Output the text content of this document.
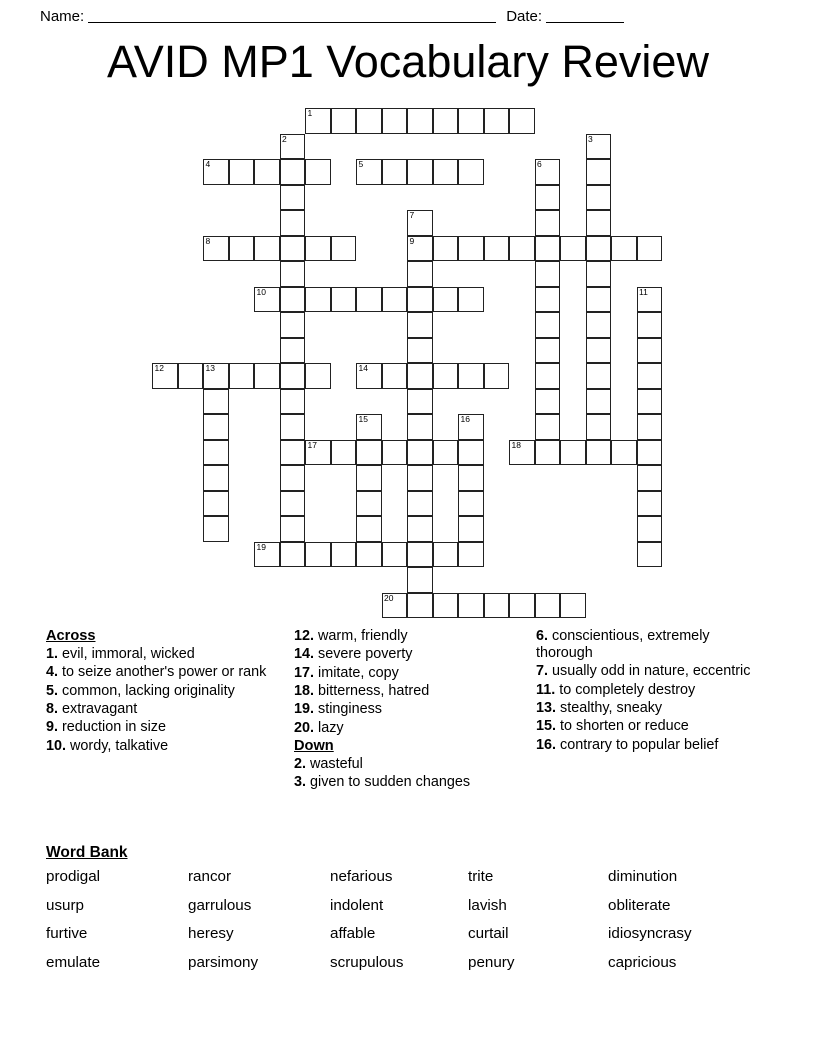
Name:	Date:
AVID MP1 Vocabulary Review
1
2	3
4	5	6
7
8	9
10	11
12	13	14
15	16
17	18
19
20
Across
1. evil, immoral, wicked
4. to seize another's power or rank
5. common, lacking originality
8. extravagant
9. reduction in size
10. wordy, talkative
12. warm, friendly
14. severe poverty
17. imitate, copy
18. bitterness, hatred
19. stinginess
20. lazy
Down
2. wasteful
3. given to sudden changes
6. conscientious, extremely thorough
7. usually odd in nature, eccentric
11. to completely destroy
13. stealthy, sneaky
15. to shorten or reduce
16. contrary to popular belief
Word Bank
prodigal	rancor	nefarious	trite	diminution
usurp	garrulous	indolent	lavish	obliterate
furtive	heresy	affable	curtail	idiosyncrasy
emulate	parsimony	scrupulous	penury	capricious
